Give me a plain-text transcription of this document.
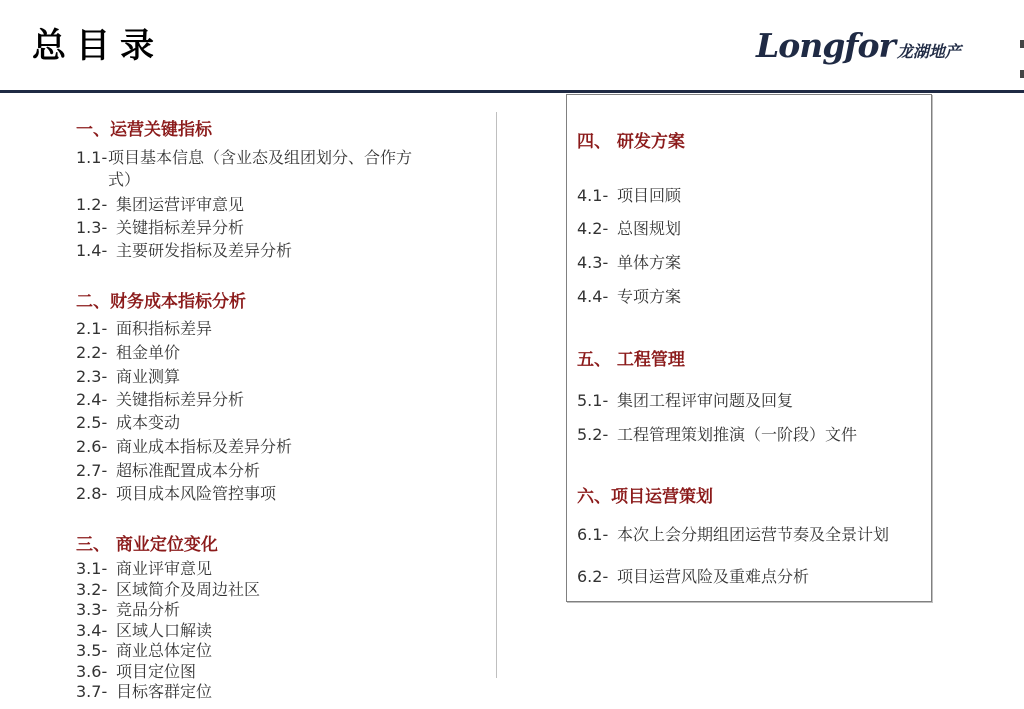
总目录	Longfor 龙湖地产
一、运营关键指标
1.1-项目基本信息（含业态及组团划分、合作方
式）
1.2- 集团运营评审意见
1.3- 关键指标差异分析
1.4- 主要研发指标及差异分析
二、财务成本指标分析
2.1- 面积指标差异
2.2- 租金单价
2.3- 商业测算
2.4- 关键指标差异分析
2.5- 成本变动
2.6- 商业成本指标及差异分析
2.7- 超标准配置成本分析
2.8- 项目成本风险管控事项
三、 商业定位变化
3.1- 商业评审意见
3.2- 区域简介及周边社区
3.3- 竞品分析
3.4- 区域人口解读
3.5- 商业总体定位
3.6- 项目定位图
3.7- 目标客群定位
四、 研发方案
4.1- 项目回顾
4.2- 总图规划
4.3- 单体方案
4.4- 专项方案
五、 工程管理
5.1- 集团工程评审问题及回复
5.2- 工程管理策划推演（一阶段）文件
六、项目运营策划
6.1- 本次上会分期组团运营节奏及全景计划
6.2- 项目运营风险及重难点分析
